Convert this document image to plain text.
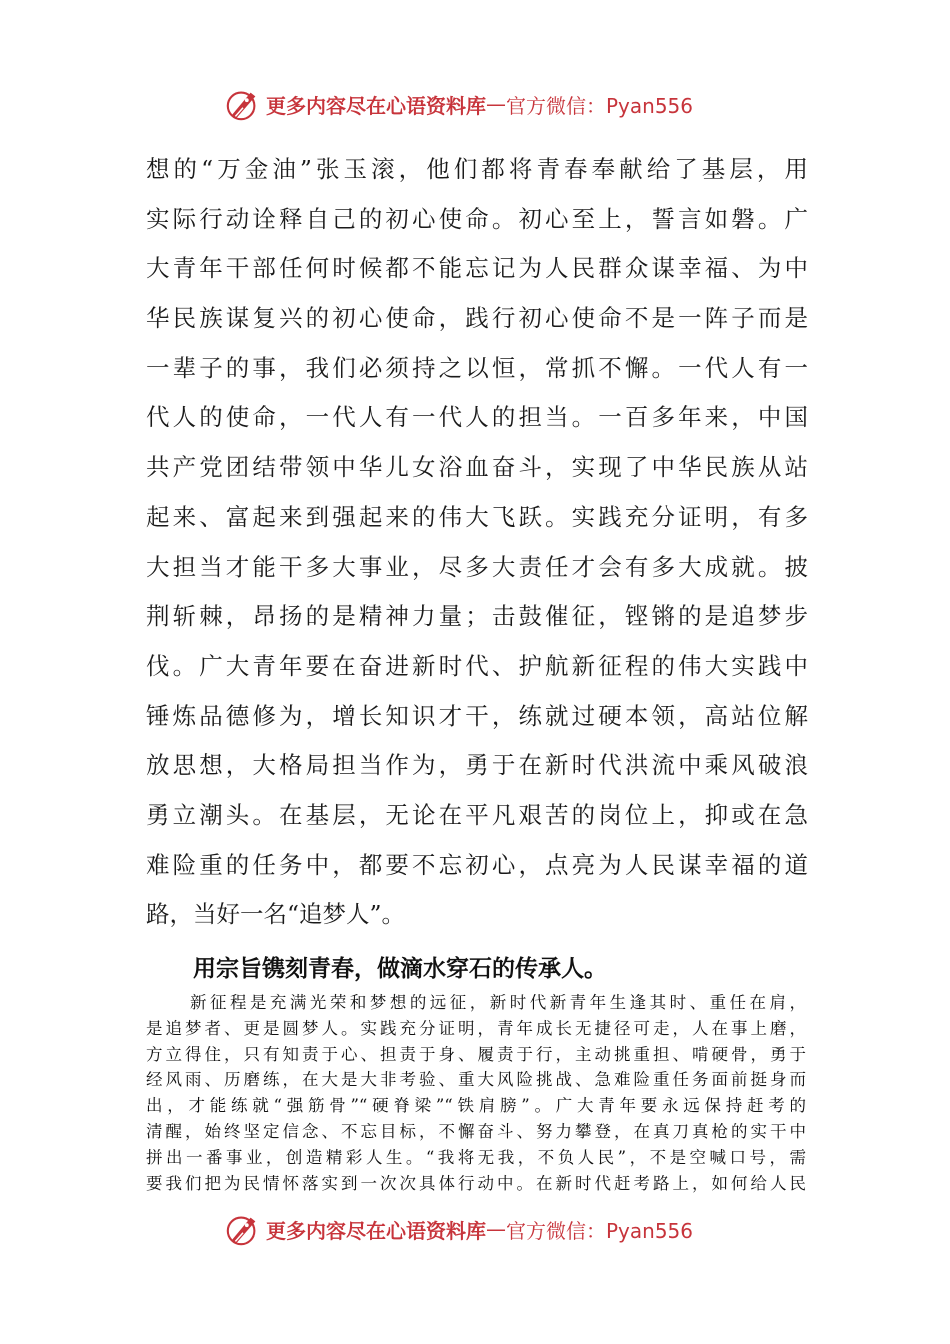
更多内容尽在心语资料库 — 官方微信：Pyan556
想的“万金油”张玉滚，他们都将青春奉献给了基层，用
实际行动诠释自己的初心使命。初心至上，誓言如磐。广
大青年干部任何时候都不能忘记为人民群众谋幸福、为中
华民族谋复兴的初心使命，践行初心使命不是一阵子而是
一辈子的事，我们必须持之以恒，常抓不懈。一代人有一
代人的使命，一代人有一代人的担当。一百多年来，中国
共产党团结带领中华儿女浴血奋斗，实现了中华民族从站
起来、富起来到强起来的伟大飞跃。实践充分证明，有多
大担当才能干多大事业，尽多大责任才会有多大成就。披
荆斩棘，昂扬的是精神力量；击鼓催征，铿锵的是追梦步
伐。广大青年要在奋进新时代、护航新征程的伟大实践中
锤炼品德修为，增长知识才干，练就过硬本领，高站位解
放思想，大格局担当作为，勇于在新时代洪流中乘风破浪
勇立潮头。在基层，无论在平凡艰苦的岗位上，抑或在急
难险重的任务中，都要不忘初心，点亮为人民谋幸福的道
路，当好一名“追梦人”。
用宗旨镌刻青春，做滴水穿石的传承人。
新征程是充满光荣和梦想的远征，新时代新青年生逢其时、重任在肩，
是追梦者、更是圆梦人。实践充分证明，青年成长无捷径可走，人在事上磨，
方立得住，只有知责于心、担责于身、履责于行，主动挑重担、啃硬骨，勇于
经风雨、历磨练，在大是大非考验、重大风险挑战、急难险重任务面前挺身而
出，才能练就“强筋骨”“硬脊梁”“铁肩膀”。广大青年要永远保持赶考的
清醒，始终坚定信念、不忘目标，不懈奋斗、努力攀登，在真刀真枪的实干中
拼出一番事业，创造精彩人生。“我将无我，不负人民”，不是空喊口号，需
要我们把为民情怀落实到一次次具体行动中。在新时代赶考路上，如何给人民
更多内容尽在心语资料库 — 官方微信：Pyan556
